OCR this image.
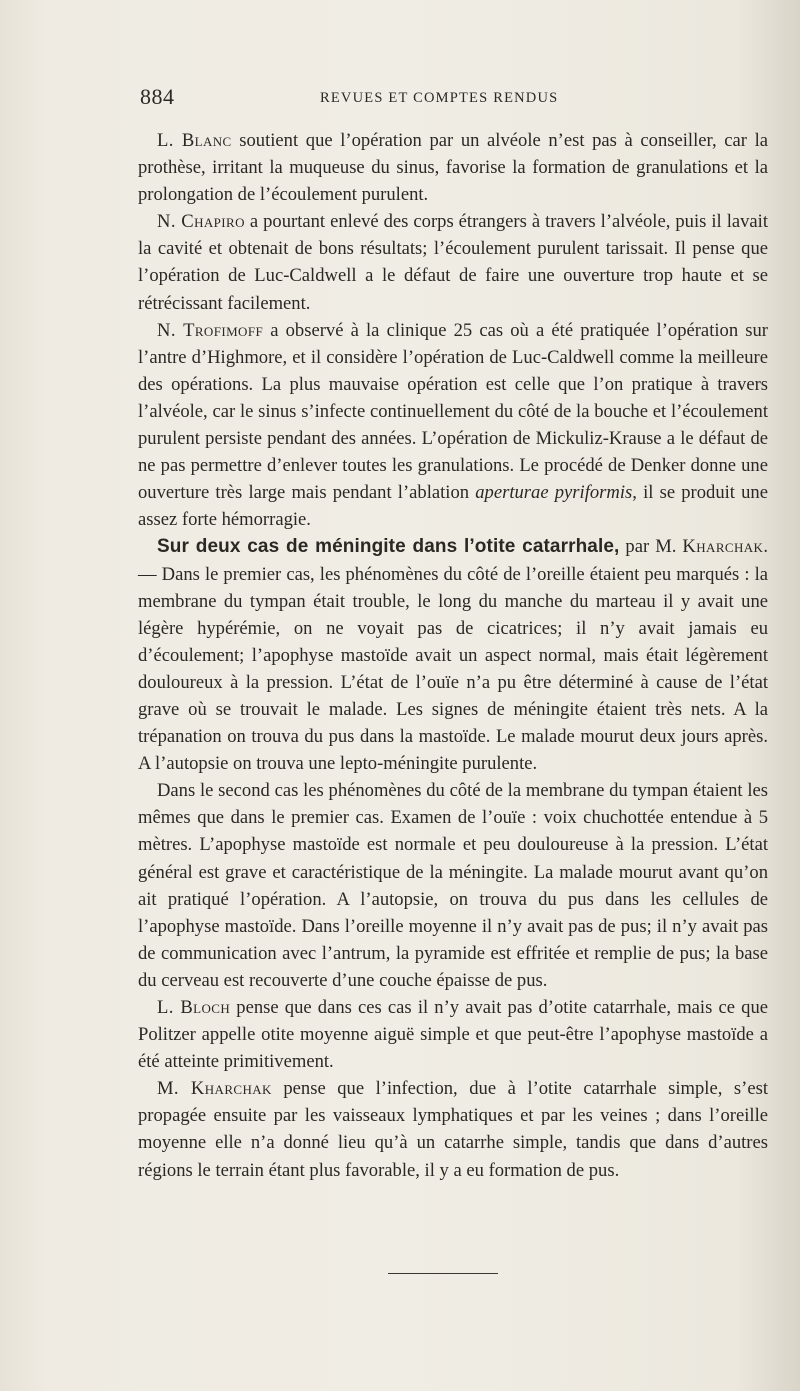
884	REVUES ET COMPTES RENDUS

L. Blanc soutient que l’opération par un alvéole n’est pas à conseiller, car la prothèse, irritant la muqueuse du sinus, favorise la formation de granulations et la prolongation de l’écoulement purulent.

N. Chapiro a pourtant enlevé des corps étrangers à travers l’alvéole, puis il lavait la cavité et obtenait de bons résultats; l’écoulement purulent tarissait. Il pense que l’opération de Luc-Caldwell a le défaut de faire une ouverture trop haute et se rétrécissant facilement.

N. Trofimoff a observé à la clinique 25 cas où a été pratiquée l’opération sur l’antre d’Highmore, et il considère l’opération de Luc-Caldwell comme la meilleure des opérations. La plus mauvaise opération est celle que l’on pratique à travers l’alvéole, car le sinus s’infecte continuellement du côté de la bouche et l’écoulement purulent persiste pendant des années. L’opération de Mickuliz-Krause a le défaut de ne pas permettre d’enlever toutes les granulations. Le procédé de Denker donne une ouverture très large mais pendant l’ablation aperturae pyriformis, il se produit une assez forte hémorragie.

Sur deux cas de méningite dans l’otite catarrhale, par M. Kharchak. — Dans le premier cas, les phénomènes du côté de l’oreille étaient peu marqués : la membrane du tympan était trouble, le long du manche du marteau il y avait une légère hypérémie, on ne voyait pas de cicatrices; il n’y avait jamais eu d’écoulement; l’apophyse mastoïde avait un aspect normal, mais était légèrement douloureux à la pression. L’état de l’ouïe n’a pu être déterminé à cause de l’état grave où se trouvait le malade. Les signes de méningite étaient très nets. A la trépanation on trouva du pus dans la mastoïde. Le malade mourut deux jours après. A l’autopsie on trouva une lepto-méningite purulente.

Dans le second cas les phénomènes du côté de la membrane du tympan étaient les mêmes que dans le premier cas. Examen de l’ouïe : voix chuchottée entendue à 5 mètres. L’apophyse mastoïde est normale et peu douloureuse à la pression. L’état général est grave et caractéristique de la méningite. La malade mourut avant qu’on ait pratiqué l’opération. A l’autopsie, on trouva du pus dans les cellules de l’apophyse mastoïde. Dans l’oreille moyenne il n’y avait pas de pus; il n’y avait pas de communication avec l’antrum, la pyramide est effritée et remplie de pus; la base du cerveau est recouverte d’une couche épaisse de pus.

L. Bloch pense que dans ces cas il n’y avait pas d’otite catarrhale, mais ce que Politzer appelle otite moyenne aiguë simple et que peut-être l’apophyse mastoïde a été atteinte primitivement.

M. Kharchak pense que l’infection, due à l’otite catarrhale simple, s’est propagée ensuite par les vaisseaux lymphatiques et par les veines ; dans l’oreille moyenne elle n’a donné lieu qu’à un catarrhe simple, tandis que dans d’autres régions le terrain étant plus favorable, il y a eu formation de pus.
